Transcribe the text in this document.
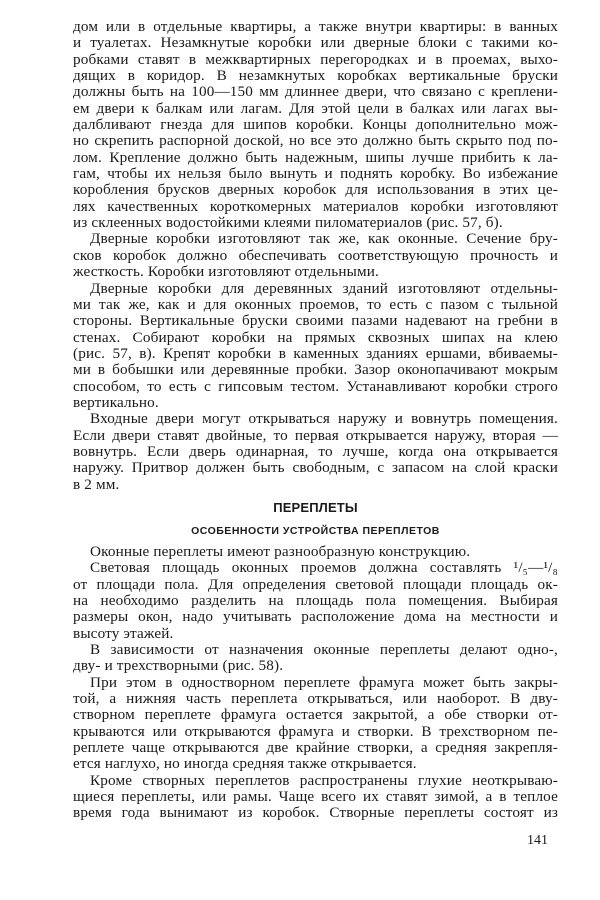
дом или в отдельные квартиры, а также внутри квартиры: в ванных
и туалетах. Незамкнутые коробки или дверные блоки с такими ко-
робками ставят в межквартирных перегородках и в проемах, выхо-
дящих в коридор. В незамкнутых коробках вертикальные бруски
должны быть на 100—150 мм длиннее двери, что связано с креплени-
ем двери к балкам или лагам. Для этой цели в балках или лагах вы-
далбливают гнезда для шипов коробки. Концы дополнительно мож-
но скрепить распорной доской, но все это должно быть скрыто под по-
лом. Крепление должно быть надежным, шипы лучше прибить к ла-
гам, чтобы их нельзя было вынуть и поднять коробку. Во избежание
коробления брусков дверных коробок для использования в этих це-
лях качественных короткомерных материалов коробки изготовляют
из склеенных водостойкими клеями пиломатериалов (рис. 57, б).
Дверные коробки изготовляют так же, как оконные. Сечение бру-
сков коробок должно обеспечивать соответствующую прочность и
жесткость. Коробки изготовляют отдельными.
Дверные коробки для деревянных зданий изготовляют отдельны-
ми так же, как и для оконных проемов, то есть с пазом с тыльной
стороны. Вертикальные бруски своими пазами надевают на гребни в
стенах. Собирают коробки на прямых сквозных шипах на клею
(рис. 57, в). Крепят коробки в каменных зданиях ершами, вбиваемы-
ми в бобышки или деревянные пробки. Зазор оконопачивают мокрым
способом, то есть с гипсовым тестом. Устанавливают коробки строго
вертикально.
Входные двери могут открываться наружу и вовнутрь помещения.
Если двери ставят двойные, то первая открывается наружу, вторая —
вовнутрь. Если дверь одинарная, то лучше, когда она открывается
наружу. Притвор должен быть свободным, с запасом на слой краски
в 2 мм.
ПЕРЕПЛЕТЫ
ОСОБЕННОСТИ УСТРОЙСТВА ПЕРЕПЛЕТОВ
Оконные переплеты имеют разнообразную конструкцию.
Световая площадь оконных проемов должна составлять ¹/₅—¹/₈
от площади пола. Для определения световой площади площадь ок-
на необходимо разделить на площадь пола помещения. Выбирая
размеры окон, надо учитывать расположение дома на местности и
высоту этажей.
В зависимости от назначения оконные переплеты делают одно-,
дву- и трехстворными (рис. 58).
При этом в одностворном переплете фрамуга может быть закры-
той, а нижняя часть переплета открываться, или наоборот. В дву-
створном переплете фрамуга остается закрытой, а обе створки от-
крываются или открываются фрамуга и створки. В трехстворном пе-
реплете чаще открываются две крайние створки, а средняя закрепля-
ется наглухо, но иногда средняя также открывается.
Кроме створных переплетов распространены глухие неоткрываю-
щиеся переплеты, или рамы. Чаще всего их ставят зимой, а в теплое
время года вынимают из коробок. Створные переплеты состоят из
141
